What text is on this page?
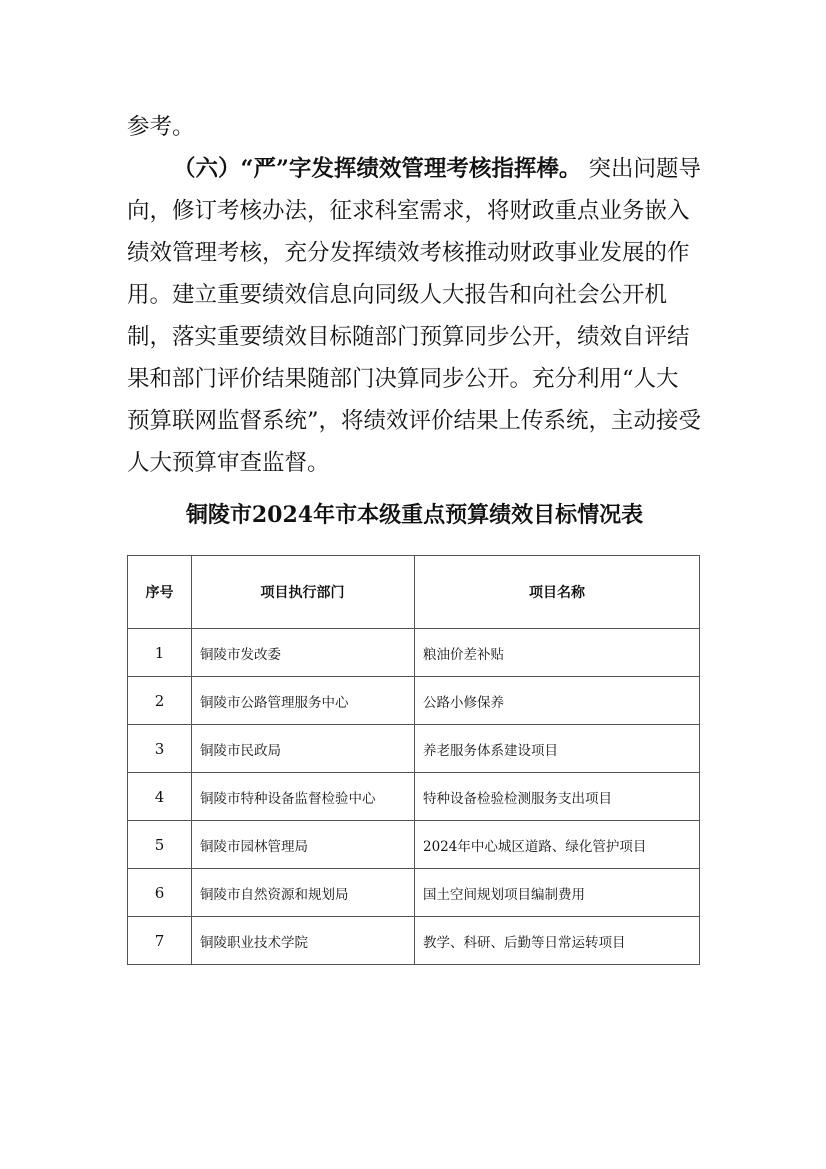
参考。
（六）“严”字发挥绩效管理考核指挥棒。 突出问题导
向，修订考核办法，征求科室需求，将财政重点业务嵌入
绩效管理考核，充分发挥绩效考核推动财政事业发展的作
用。建立重要绩效信息向同级人大报告和向社会公开机
制，落实重要绩效目标随部门预算同步公开，绩效自评结
果和部门评价结果随部门决算同步公开。充分利用“人大
预算联网监督系统”，将绩效评价结果上传系统，主动接受
人大预算审查监督。
铜陵市2024年市本级重点预算绩效目标情况表
序号	项目执行部门	项目名称
1	铜陵市发改委	粮油价差补贴
2	铜陵市公路管理服务中心	公路小修保养
3	铜陵市民政局	养老服务体系建设项目
4	铜陵市特种设备监督检验中心	特种设备检验检测服务支出项目
5	铜陵市园林管理局	2024年中心城区道路、绿化管护项目
6	铜陵市自然资源和规划局	国土空间规划项目编制费用
7	铜陵职业技术学院	教学、科研、后勤等日常运转项目
